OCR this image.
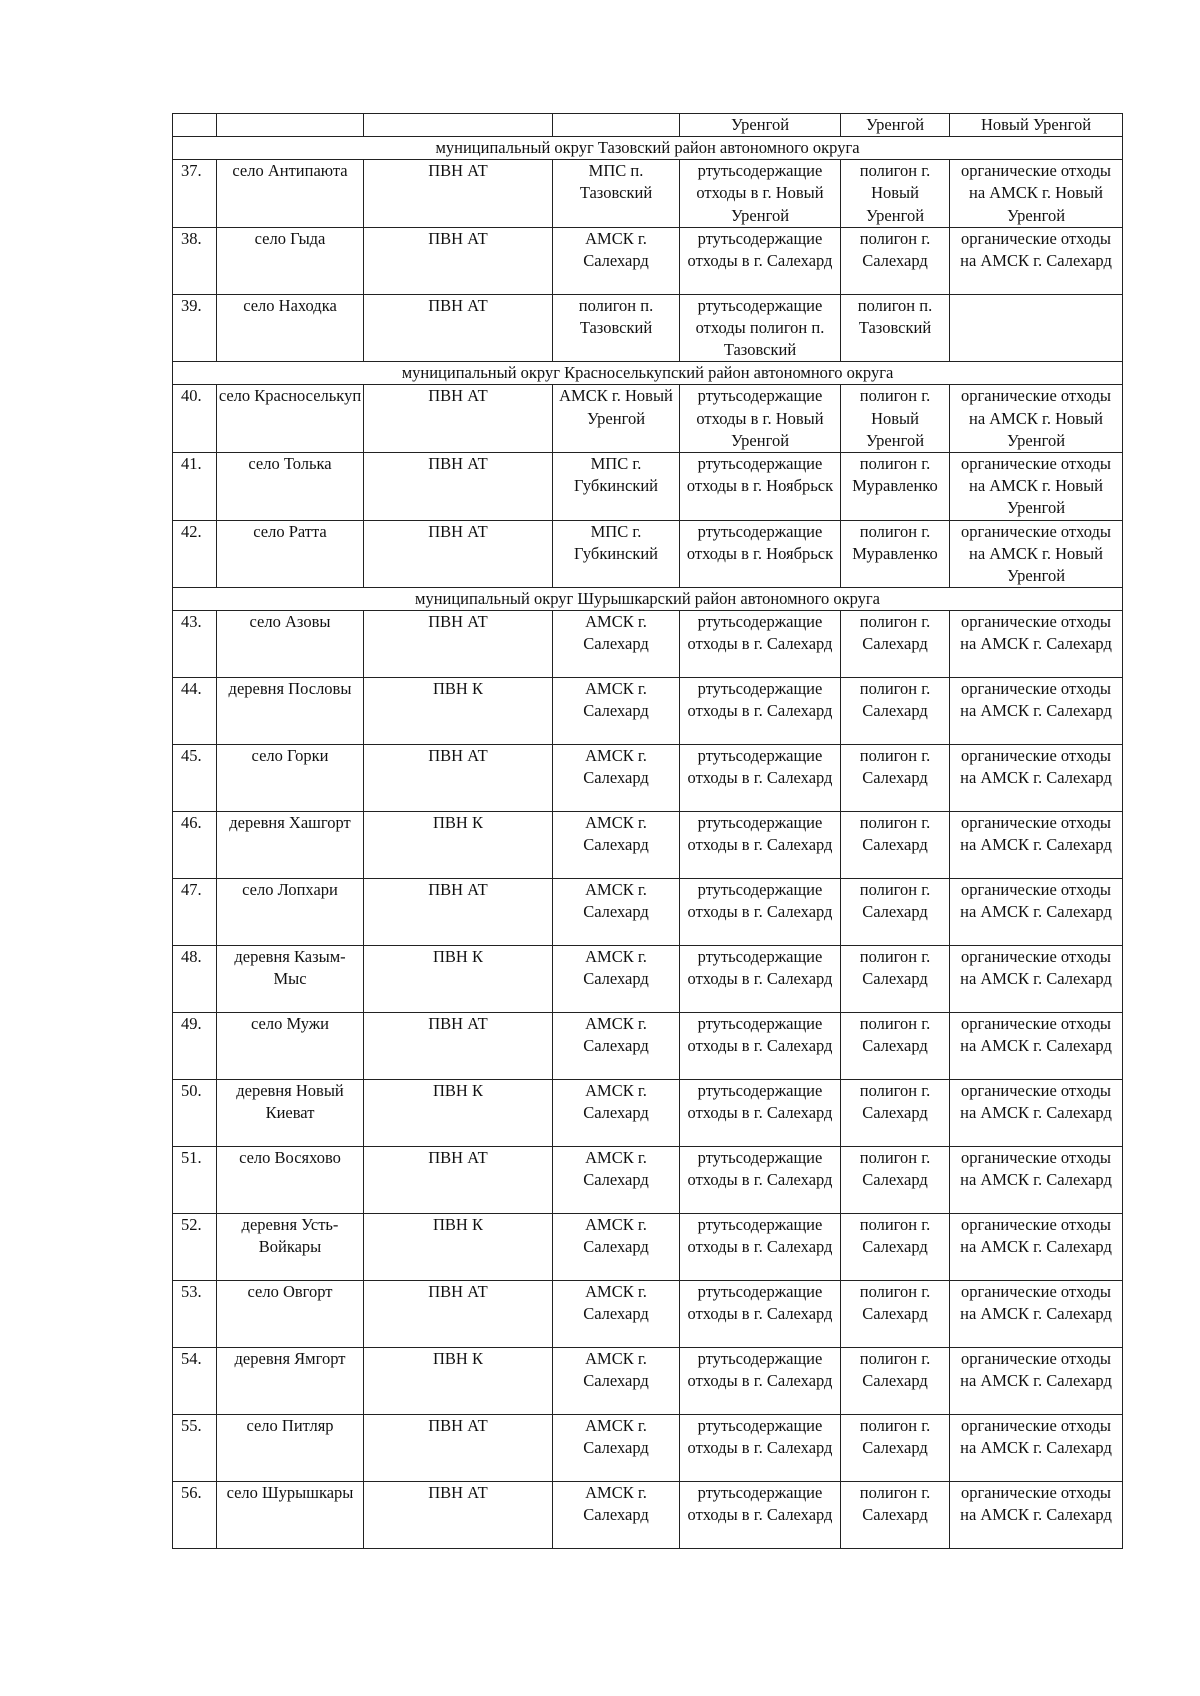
				Уренгой	Уренгой	Новый Уренгой
муниципальный округ Тазовский район автономного округа						
37.	село Антипаюта	ПВН АТ	МПС п. Тазовский	ртутьсодержащие отходы в г. Новый Уренгой	полигон г. Новый Уренгой	органические отходы на АМСК г. Новый Уренгой
38.	село Гыда	ПВН АТ	АМСК г. Салехард	ртутьсодержащие отходы в г. Салехард	полигон г. Салехард	органические отходы на АМСК г. Салехард
39.	село Находка	ПВН АТ	полигон п. Тазовский	ртутьсодержащие отходы полигон п. Тазовский	полигон п. Тазовский	
муниципальный округ Красноселькупский район автономного округа						
40.	село Красноселькуп	ПВН АТ	АМСК г. Новый Уренгой	ртутьсодержащие отходы в г. Новый Уренгой	полигон г. Новый Уренгой	органические отходы на АМСК г. Новый Уренгой
41.	село Толька	ПВН АТ	МПС г. Губкинский	ртутьсодержащие отходы в г. Ноябрьск	полигон г. Муравленко	органические отходы на АМСК г. Новый Уренгой
42.	село Ратта	ПВН АТ	МПС г. Губкинский	ртутьсодержащие отходы в г. Ноябрьск	полигон г. Муравленко	органические отходы на АМСК г. Новый Уренгой
муниципальный округ Шурышкарский район автономного округа						
43.	село Азовы	ПВН АТ	АМСК г. Салехард	ртутьсодержащие отходы в г. Салехард	полигон г. Салехард	органические отходы на АМСК г. Салехард
44.	деревня Пословы	ПВН К	АМСК г. Салехард	ртутьсодержащие отходы в г. Салехард	полигон г. Салехард	органические отходы на АМСК г. Салехард
45.	село Горки	ПВН АТ	АМСК г. Салехард	ртутьсодержащие отходы в г. Салехард	полигон г. Салехард	органические отходы на АМСК г. Салехард
46.	деревня Хашгорт	ПВН К	АМСК г. Салехард	ртутьсодержащие отходы в г. Салехард	полигон г. Салехард	органические отходы на АМСК г. Салехард
47.	село Лопхари	ПВН АТ	АМСК г. Салехард	ртутьсодержащие отходы в г. Салехард	полигон г. Салехард	органические отходы на АМСК г. Салехард
48.	деревня Казым-Мыс	ПВН К	АМСК г. Салехард	ртутьсодержащие отходы в г. Салехард	полигон г. Салехард	органические отходы на АМСК г. Салехард
49.	село Мужи	ПВН АТ	АМСК г. Салехард	ртутьсодержащие отходы в г. Салехард	полигон г. Салехард	органические отходы на АМСК г. Салехард
50.	деревня Новый Киеват	ПВН К	АМСК г. Салехард	ртутьсодержащие отходы в г. Салехард	полигон г. Салехард	органические отходы на АМСК г. Салехард
51.	село Восяхово	ПВН АТ	АМСК г. Салехард	ртутьсодержащие отходы в г. Салехард	полигон г. Салехард	органические отходы на АМСК г. Салехард
52.	деревня Усть-Войкары	ПВН К	АМСК г. Салехард	ртутьсодержащие отходы в г. Салехард	полигон г. Салехард	органические отходы на АМСК г. Салехард
53.	село Овгорт	ПВН АТ	АМСК г. Салехард	ртутьсодержащие отходы в г. Салехард	полигон г. Салехард	органические отходы на АМСК г. Салехард
54.	деревня Ямгорт	ПВН К	АМСК г. Салехард	ртутьсодержащие отходы в г. Салехард	полигон г. Салехард	органические отходы на АМСК г. Салехард
55.	село Питляр	ПВН АТ	АМСК г. Салехард	ртутьсодержащие отходы в г. Салехард	полигон г. Салехард	органические отходы на АМСК г. Салехард
56.	село Шурышкары	ПВН АТ	АМСК г. Салехард	ртутьсодержащие отходы в г. Салехард	полигон г. Салехард	органические отходы на АМСК г. Салехард
